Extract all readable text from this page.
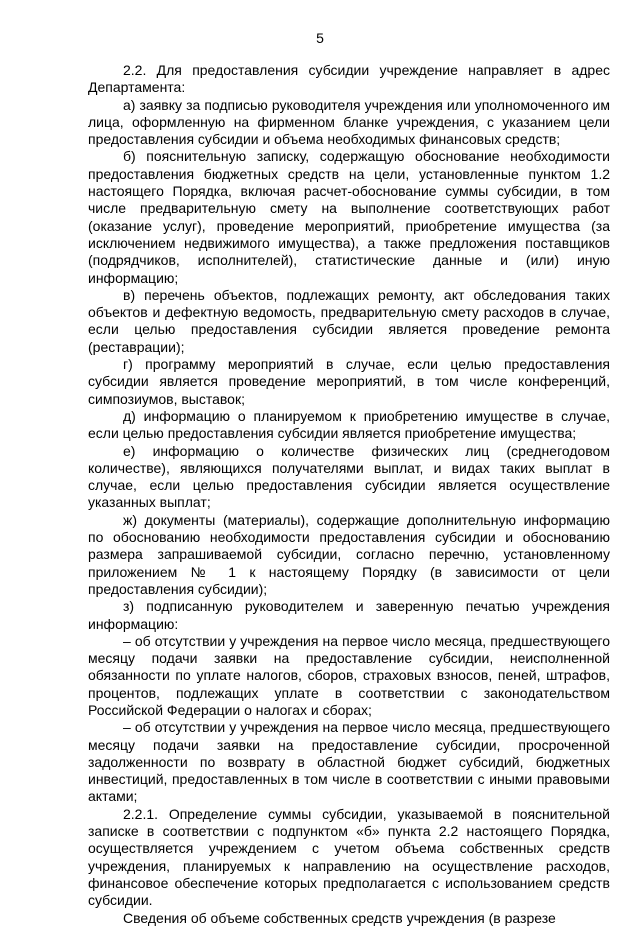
5

2.2. Для предоставления субсидии учреждение направляет в адрес Департамента:

а) заявку за подписью руководителя учреждения или уполномоченного им лица, оформленную на фирменном бланке учреждения, с указанием цели предоставления субсидии и объема необходимых финансовых средств;

б) пояснительную записку, содержащую обоснование необходимости предоставления бюджетных средств на цели, установленные пунктом 1.2 настоящего Порядка, включая расчет-обоснование суммы субсидии, в том числе предварительную смету на выполнение соответствующих работ (оказание услуг), проведение мероприятий, приобретение имущества (за исключением недвижимого имущества), а также предложения поставщиков (подрядчиков, исполнителей), статистические данные и (или) иную информацию;

в) перечень объектов, подлежащих ремонту, акт обследования таких объектов и дефектную ведомость, предварительную смету расходов в случае, если целью предоставления субсидии является проведение ремонта (реставрации);

г) программу мероприятий в случае, если целью предоставления субсидии является проведение мероприятий, в том числе конференций, симпозиумов, выставок;

д) информацию о планируемом к приобретению имуществе в случае, если целью предоставления субсидии является приобретение имущества;

е) информацию о количестве физических лиц (среднегодовом количестве), являющихся получателями выплат, и видах таких выплат в случае, если целью предоставления субсидии является осуществление указанных выплат;

ж) документы (материалы), содержащие дополнительную информацию по обоснованию необходимости предоставления субсидии и обоснованию размера запрашиваемой субсидии, согласно перечню, установленному приложением № 1 к настоящему Порядку (в зависимости от цели предоставления субсидии);

з) подписанную руководителем и заверенную печатью учреждения информацию:

– об отсутствии у учреждения на первое число месяца, предшествующего месяцу подачи заявки на предоставление субсидии, неисполненной обязанности по уплате налогов, сборов, страховых взносов, пеней, штрафов, процентов, подлежащих уплате в соответствии с законодательством Российской Федерации о налогах и сборах;

– об отсутствии у учреждения на первое число месяца, предшествующего месяцу подачи заявки на предоставление субсидии, просроченной задолженности по возврату в областной бюджет субсидий, бюджетных инвестиций, предоставленных в том числе в соответствии с иными правовыми актами;

2.2.1. Определение суммы субсидии, указываемой в пояснительной записке в соответствии с подпунктом «б» пункта 2.2 настоящего Порядка, осуществляется учреждением с учетом объема собственных средств учреждения, планируемых к направлению на осуществление расходов, финансовое обеспечение которых предполагается с использованием средств субсидии.

Сведения об объеме собственных средств учреждения (в разрезе
